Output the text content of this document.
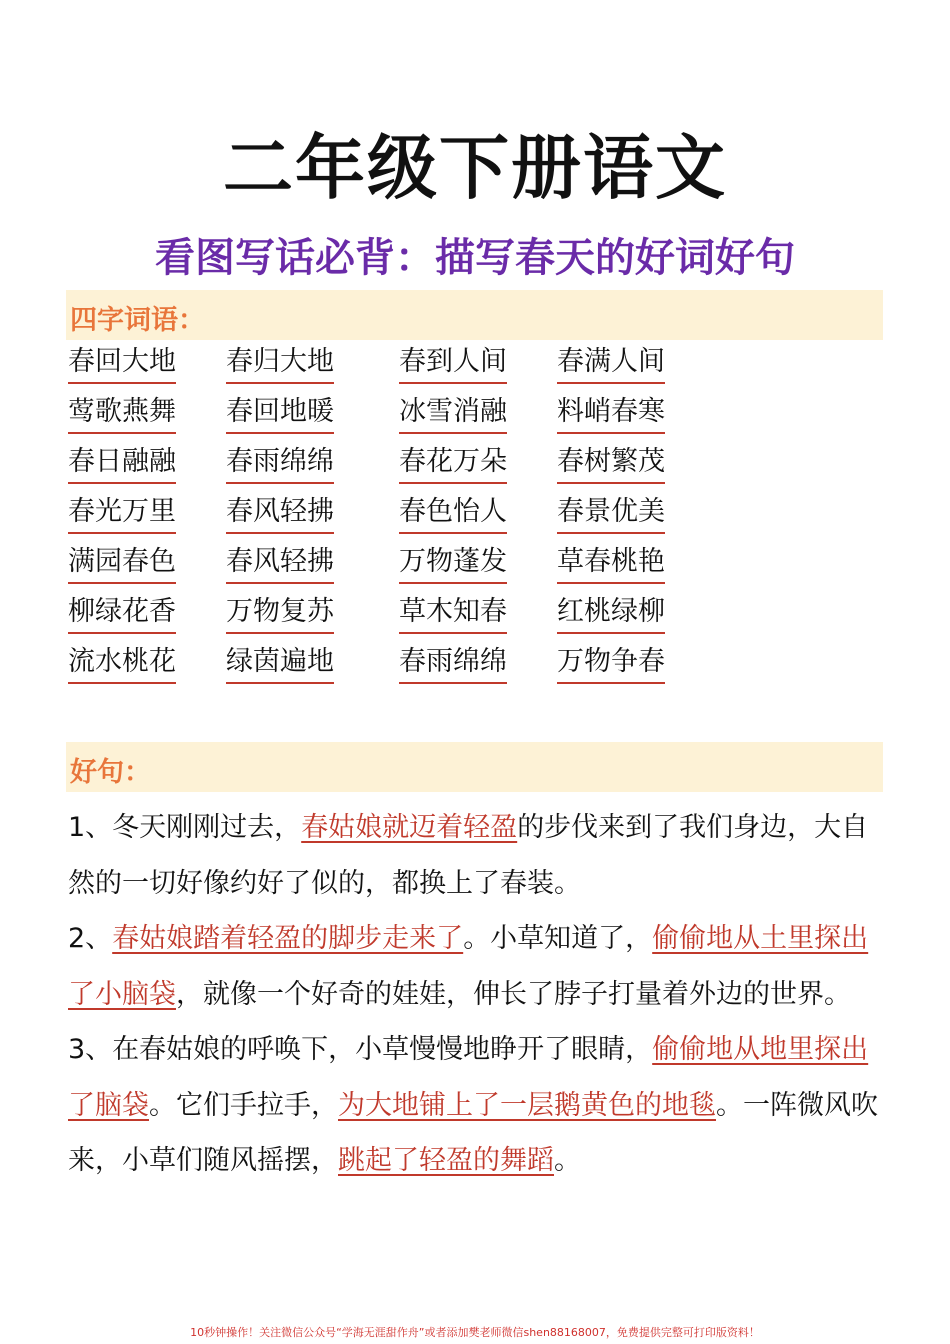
二年级下册语文
看图写话必背：描写春天的好词好句
四字词语：
春回大地 春归大地 春到人间 春满人间
莺歌燕舞 春回地暖 冰雪消融 料峭春寒
春日融融 春雨绵绵 春花万朵 春树繁茂
春光万里 春风轻拂 春色怡人 春景优美
满园春色 春风轻拂 万物蓬发 草春桃艳
柳绿花香 万物复苏 草木知春 红桃绿柳
流水桃花 绿茵遍地 春雨绵绵 万物争春
好句：

1、冬天刚刚过去，春姑娘就迈着轻盈的步伐来到了我们身边，大自然的一切好像约好了似的，都换上了春装。

2、春姑娘踏着轻盈的脚步走来了。小草知道了，偷偷地从土里探出了小脑袋，就像一个好奇的娃娃，伸长了脖子打量着外边的世界。

3、在春姑娘的呼唤下，小草慢慢地睁开了眼睛，偷偷地从地里探出了脑袋。它们手拉手，为大地铺上了一层鹅黄色的地毯。一阵微风吹来，小草们随风摇摆，跳起了轻盈的舞蹈。

10秒钟操作！关注微信公众号“学海无涯甜作舟”或者添加樊老师微信shen88168007，免费提供完整可打印版资料！
